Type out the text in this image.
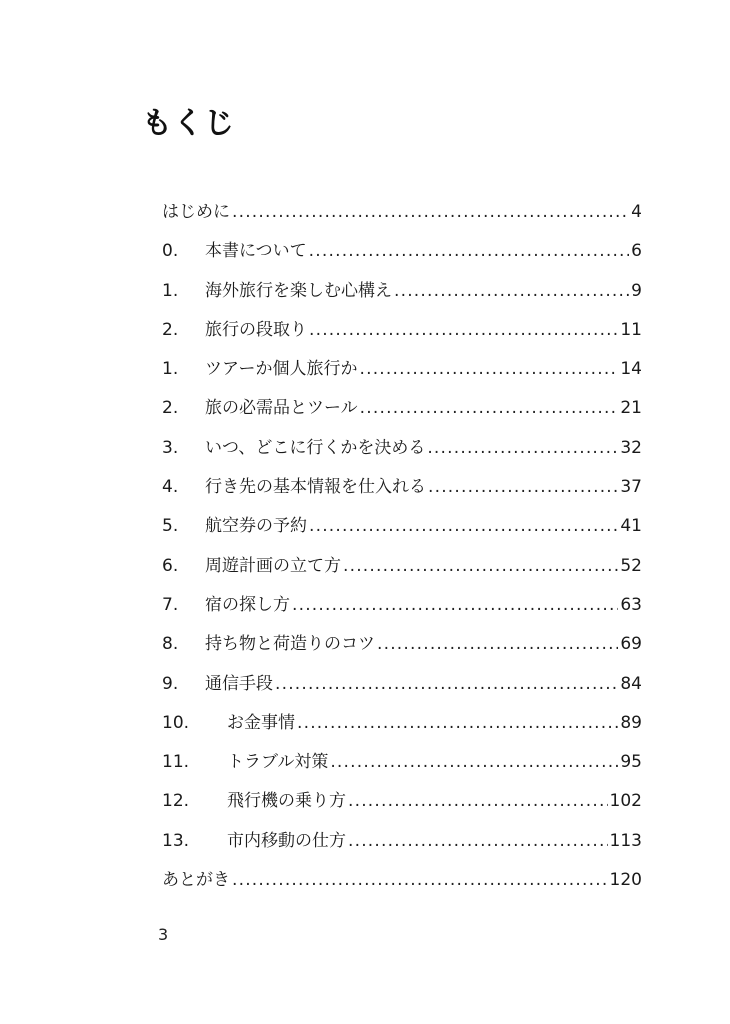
もくじ
はじめに .....	4
0.	本書について .....	6
1.	海外旅行を楽しむ心構え .....	9
2.	旅行の段取り .....	11
1.	ツアーか個人旅行か .....	14
2.	旅の必需品とツール .....	21
3.	いつ、どこに行くかを決める .....	32
4.	行き先の基本情報を仕入れる .....	37
5.	航空券の予約 .....	41
6.	周遊計画の立て方 .....	52
7.	宿の探し方 .....	63
8.	持ち物と荷造りのコツ .....	69
9.	通信手段 .....	84
10.	お金事情 .....	89
11.	トラブル対策 .....	95
12.	飛行機の乗り方 .....	102
13.	市内移動の仕方 .....	113
あとがき .....	120
3
